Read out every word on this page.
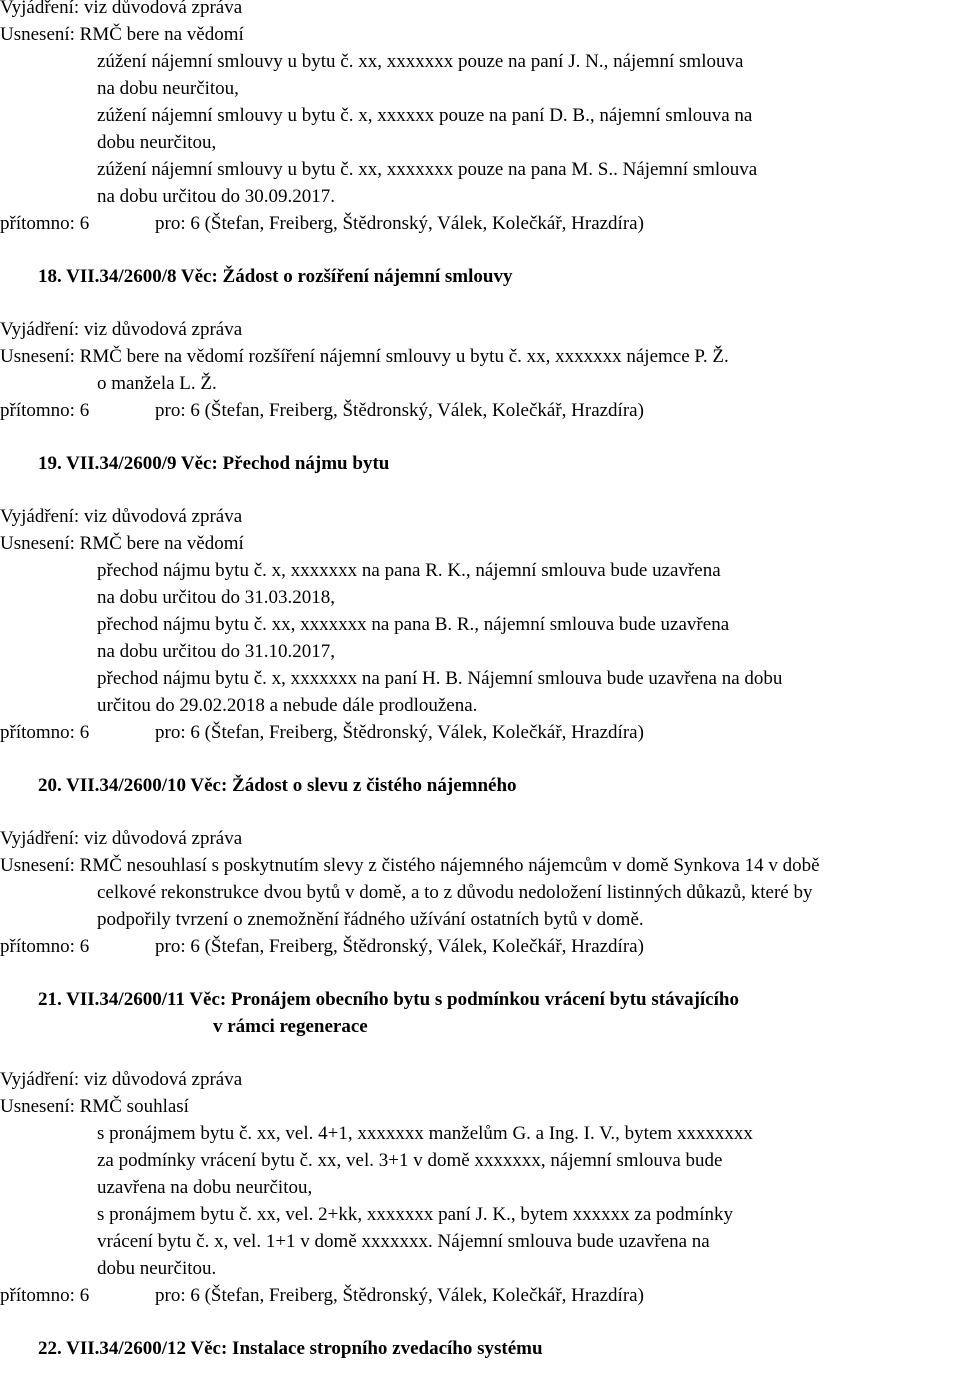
Vyjádření: viz důvodová zpráva
Usnesení: RMČ bere na vědomí
zúžení nájemní smlouvy u bytu č. xx, xxxxxxx pouze na paní J. N., nájemní smlouva
na dobu neurčitou,
zúžení nájemní smlouvy u bytu č. x, xxxxxx pouze na paní D. B., nájemní smlouva na
dobu neurčitou,
zúžení nájemní smlouvy u bytu č. xx, xxxxxxx pouze na pana M. S.. Nájemní smlouva
na dobu určitou do 30.09.2017.
přítomno: 6	pro: 6 (Štefan, Freiberg, Štědronský, Válek, Kolečkář, Hrazdíra)
18. VII.34/2600/8 Věc: Žádost o rozšíření nájemní smlouvy
Vyjádření: viz důvodová zpráva
Usnesení: RMČ bere na vědomí rozšíření nájemní smlouvy u bytu č. xx, xxxxxxx nájemce P. Ž.
o manžela L. Ž.
přítomno: 6	pro: 6 (Štefan, Freiberg, Štědronský, Válek, Kolečkář, Hrazdíra)
19. VII.34/2600/9 Věc: Přechod nájmu bytu
Vyjádření: viz důvodová zpráva
Usnesení: RMČ bere na vědomí
přechod nájmu bytu č. x, xxxxxxx na pana R. K., nájemní smlouva bude uzavřena
na dobu určitou do 31.03.2018,
přechod nájmu bytu č. xx, xxxxxxx na pana B. R., nájemní smlouva bude uzavřena
na dobu určitou do 31.10.2017,
přechod nájmu bytu č. x, xxxxxxx na paní H. B. Nájemní smlouva bude uzavřena na dobu
určitou do 29.02.2018 a nebude dále prodloužena.
přítomno: 6	pro: 6 (Štefan, Freiberg, Štědronský, Válek, Kolečkář, Hrazdíra)
20. VII.34/2600/10 Věc: Žádost o slevu z čistého nájemného
Vyjádření: viz důvodová zpráva
Usnesení: RMČ nesouhlasí s poskytnutím slevy z čistého nájemného nájemcům v domě Synkova 14 v době
celkové rekonstrukce dvou bytů v domě, a to z důvodu nedoložení listinných důkazů, které by
podpořily tvrzení o znemožnění řádného užívání ostatních bytů v domě.
přítomno: 6	pro: 6 (Štefan, Freiberg, Štědronský, Válek, Kolečkář, Hrazdíra)
21. VII.34/2600/11 Věc: Pronájem obecního bytu s podmínkou vrácení bytu stávajícího
v rámci regenerace
Vyjádření: viz důvodová zpráva
Usnesení: RMČ souhlasí
s pronájmem bytu č. xx, vel. 4+1, xxxxxxx manželům G. a Ing. I. V., bytem xxxxxxxx
za podmínky vrácení bytu č. xx, vel. 3+1 v domě xxxxxxx, nájemní smlouva bude
uzavřena na dobu neurčitou,
s pronájmem bytu č. xx, vel. 2+kk, xxxxxxx paní J. K., bytem xxxxxx za podmínky
vrácení bytu č. x, vel. 1+1 v domě xxxxxxx. Nájemní smlouva bude uzavřena na
dobu neurčitou.
přítomno: 6	pro: 6 (Štefan, Freiberg, Štědronský, Válek, Kolečkář, Hrazdíra)
22. VII.34/2600/12 Věc: Instalace stropního zvedacího systému
